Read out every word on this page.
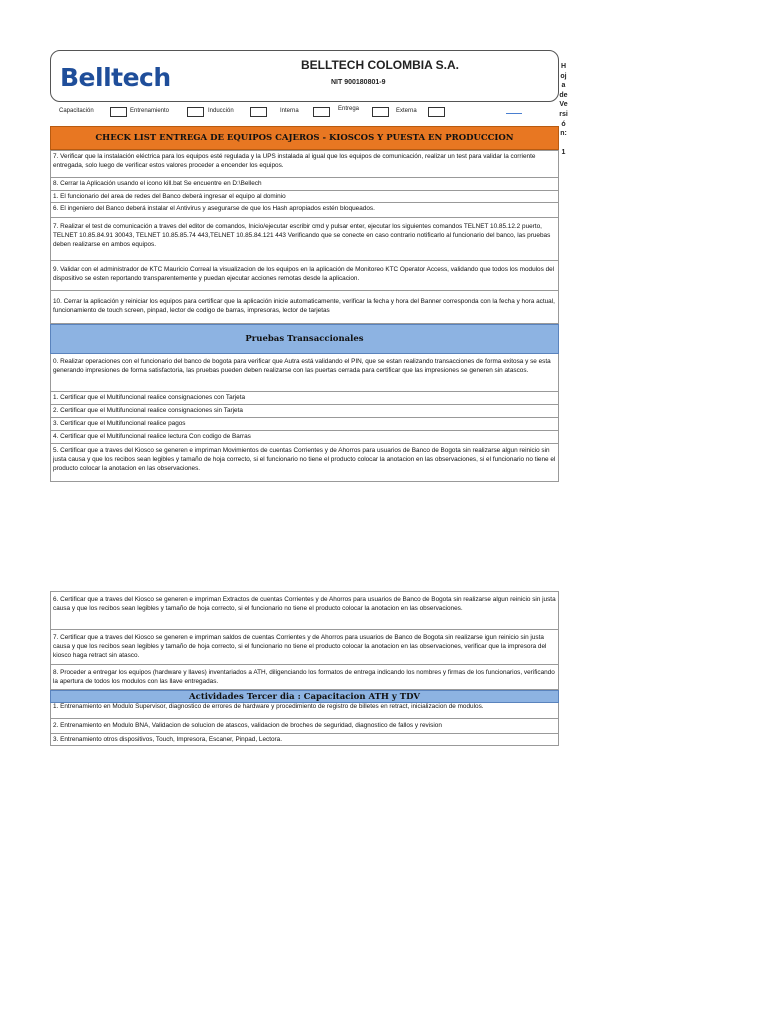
Belltech	BELLTECH COLOMBIA S.A.
NIT 900180801-9
Capacitación	Entrenamiento	Inducción	Interna	Entrega	Externa
Hoja de Ve rsión:

1
CHECK LIST ENTREGA DE EQUIPOS CAJEROS - KIOSCOS Y PUESTA EN PRODUCCION
7. Verificar que la instalación eléctrica para los equipos esté regulada y la UPS instalada al igual que los equipos de comunicación, realizar un test para validar la corriente entregada, solo luego de verificar estos valores proceder a encender los equipos.
8. Cerrar la Aplicación usando el icono kill.bat Se encuentre en D:\Bellech
1. El funcionario del area de redes del Banco deberá ingresar el equipo al dominio
6. El ingeniero del Banco deberá instalar el Antivirus y asegurarse de que los Hash apropiados estén bloqueados.
7. Realizar el test de comunicación a traves del editor de comandos, Inicio/ejecutar escribir cmd y pulsar enter, ejecutar los siguientes comandos TELNET 10.85.12.2 puerto, TELNET 10.85.84.91 30043, TELNET 10.85.85.74 443,TELNET 10.85.84.121 443 Verificando que se conecte en caso contrario notificarlo al funcionario del banco, las pruebas deben realizarse en ambos equipos.
9. Validar con el administrador de KTC Mauricio Correal la visualizacion de los equipos en la aplicación de Monitoreo KTC Operator Access, validando que todos los modulos del dispositivo se esten reportando transparentemente y puedan ejecutar acciones remotas desde la aplicacion.
10. Cerrar la aplicación y reiniciar los equipos para certificar que la aplicación inicie automaticamente, verificar la fecha y hora del Banner corresponda con la fecha y hora actual, funcionamiento de touch screen, pinpad, lector de codigo de barras, impresoras, lector de tarjetas
Pruebas Transaccionales
0. Realizar operaciones con el funcionario del banco de bogota para verificar que Autra está validando el PIN, que se estan realizando transacciones de forma exitosa y se esta generando impresiones de forma satisfactoria, las pruebas pueden deben realizarse con las puertas cerrada para certificar que las impresiones se generen sin atascos.
1. Certificar que el Multifuncional realice consignaciones con Tarjeta
2. Certificar que el Multifuncional realice consignaciones sin Tarjeta
3. Certificar que el Multifuncional realice pagos
4. Certificar que el Multifuncional realice lectura Con codigo de Barras
5. Certificar que a traves del Kiosco se generen e impriman Movimientos de cuentas Corrientes y de Ahorros para usuarios de Banco de Bogota sin realizarse algun reinicio sin justa causa y que los recibos sean legibles y tamaño de hoja correcto, si el funcionario no tiene el producto colocar la anotacion en las observaciones, si el funcionario no tiene el producto colocar la anotacion en las observaciones.
6. Certificar que a traves del Kiosco se generen e impriman Extractos de cuentas Corrientes y de Ahorros para usuarios de Banco de Bogota sin realizarse algun reinicio sin justa causa y que los recibos sean legibles y tamaño de hoja correcto, si el funcionario no tiene el producto colocar la anotacion en las observaciones.
7. Certificar que a traves del Kiosco se generen e impriman saldos de cuentas Corrientes y de Ahorros para usuarios de Banco de Bogota sin realizarse igun reinicio sin justa causa y que los recibos sean legibles y tamaño de hoja correcto, si el funcionario no tiene el producto colocar la anotacion en las observaciones, verificar que la impresora del kiosco haga retract sin atasco.
8. Proceder a entregar los equipos (hardware y llaves) inventariados a ATH, diligenciando los formatos de entrega indicando los nombres y firmas de los funcionarios, verificando la apertura de todos los modulos con las llave entregadas.
Actividades Tercer dia : Capacitacion ATH y TDV
1. Entrenamiento en Modulo Supervisor, diagnostico de errores de hardware y procedimiento de registro de billetes en retract, inicializacion de modulos.
2. Entrenamiento en Modulo BNA, Validacion de solucion de atascos, validacion de broches de seguridad, diagnostico de fallos y revision
3. Entrenamiento otros dispositivos, Touch, Impresora, Escaner, Pinpad, Lectora.
